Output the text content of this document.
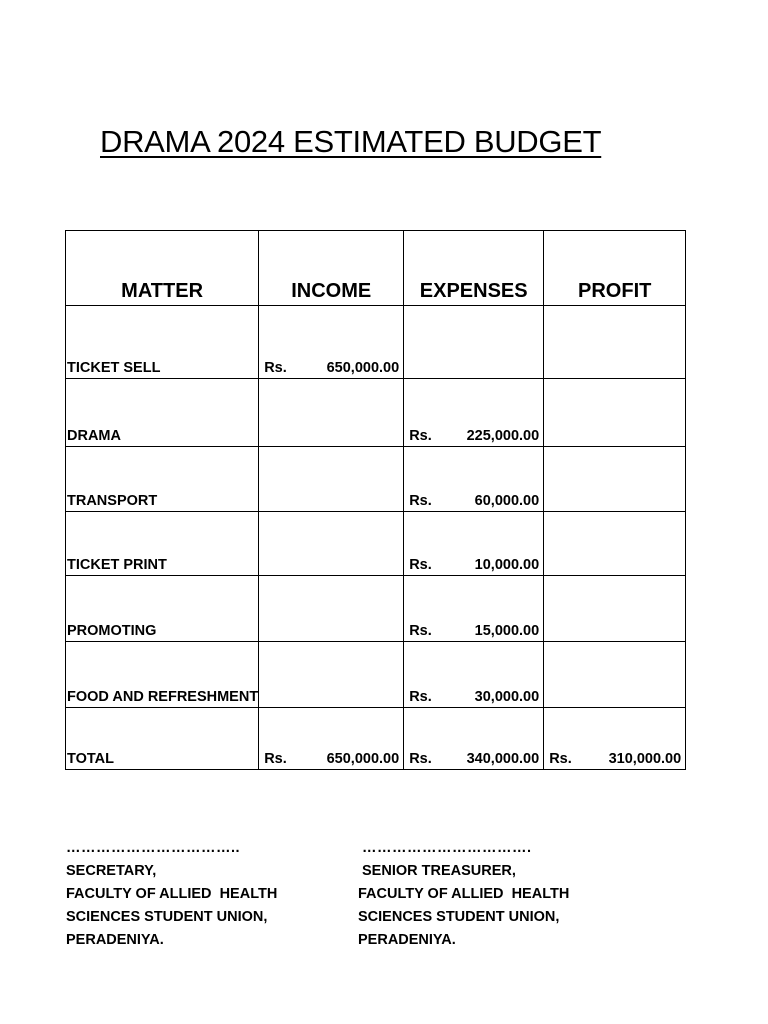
DRAMA 2024 ESTIMATED BUDGET
MATTER	INCOME	EXPENSES	PROFIT
TICKET SELL	Rs. 650,000.00		

DRAMA		Rs. 225,000.00	

TRANSPORT		Rs. 60,000.00	

TICKET PRINT		Rs. 10,000.00	

PROMOTING		Rs. 15,000.00	

FOOD AND REFRESHMENT		Rs. 30,000.00	

TOTAL	Rs. 650,000.00	Rs. 340,000.00	Rs. 310,000.00
……………………………..
SECRETARY,
FACULTY OF ALLIED  HEALTH
SCIENCES STUDENT UNION,
PERADENIYA.
…………………………….
SENIOR TREASURER,
FACULTY OF ALLIED  HEALTH
SCIENCES STUDENT UNION,
PERADENIYA.
